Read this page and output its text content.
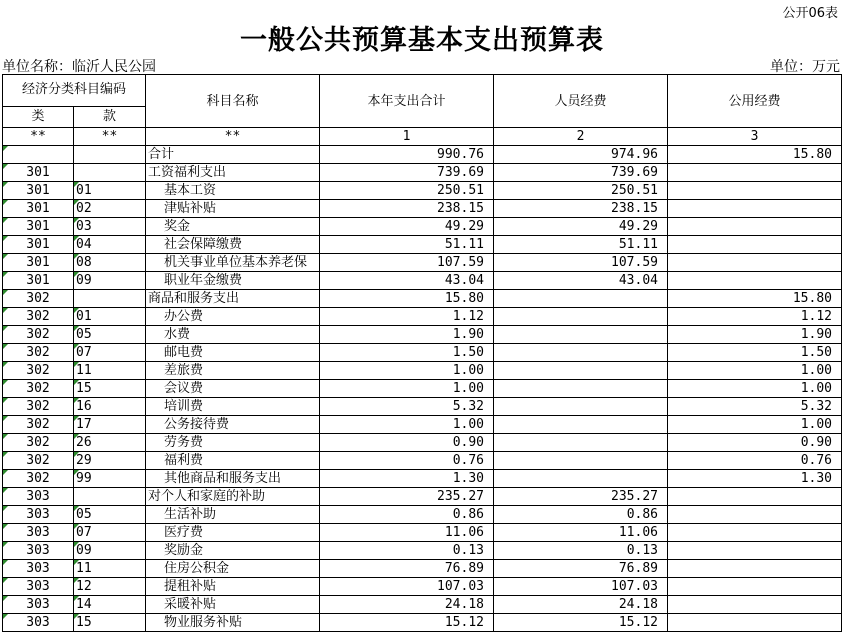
公开06表
一般公共预算基本支出预算表
单位名称：临沂人民公园	单位：万元
经济分类科目编码		科目名称	本年支出合计	人员经费	公用经费
类	款				
**	**	**	1	2	3
		合计	990.76	974.96	15.80
301		工资福利支出	739.69	739.69	
301	01	基本工资	250.51	250.51	
301	02	津贴补贴	238.15	238.15	
301	03	奖金	49.29	49.29	
301	04	社会保障缴费	51.11	51.11	
301	08	机关事业单位基本养老保	107.59	107.59	
301	09	职业年金缴费	43.04	43.04	
302		商品和服务支出	15.80		15.80
302	01	办公费	1.12		1.12
302	05	水费	1.90		1.90
302	07	邮电费	1.50		1.50
302	11	差旅费	1.00		1.00
302	15	会议费	1.00		1.00
302	16	培训费	5.32		5.32
302	17	公务接待费	1.00		1.00
302	26	劳务费	0.90		0.90
302	29	福利费	0.76		0.76
302	99	其他商品和服务支出	1.30		1.30
303		对个人和家庭的补助	235.27	235.27	
303	05	生活补助	0.86	0.86	
303	07	医疗费	11.06	11.06	
303	09	奖励金	0.13	0.13	
303	11	住房公积金	76.89	76.89	
303	12	提租补贴	107.03	107.03	
303	14	采暖补贴	24.18	24.18	
303	15	物业服务补贴	15.12	15.12	
